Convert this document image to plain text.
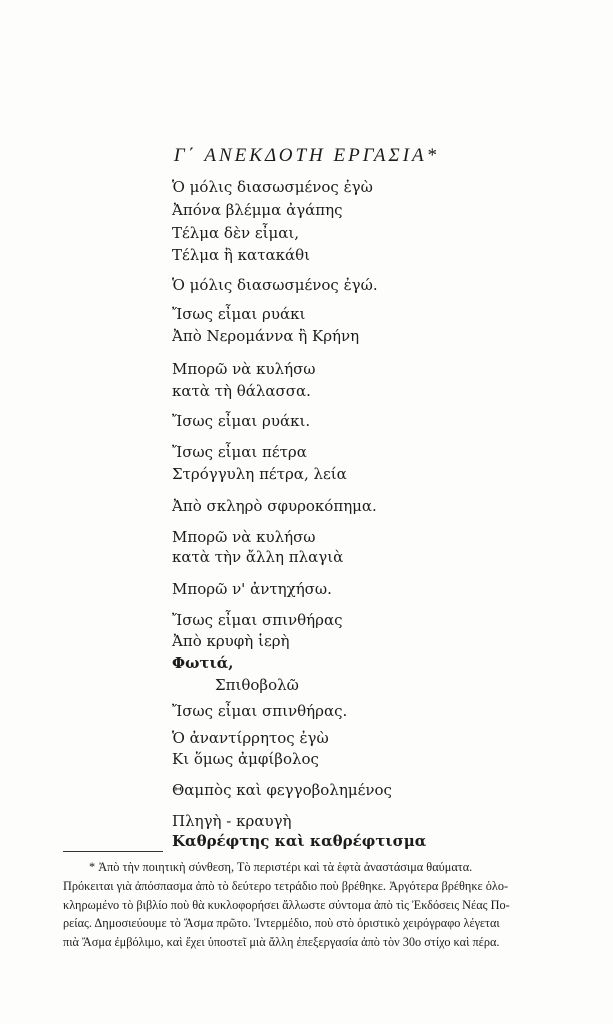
Γ΄ ΑΝΕΚΔΟΤΗ ΕΡΓΑΣΙΑ*
Ὁ μόλις διασωσμένος ἐγὼ
Ἀπόνα βλέμμα ἀγάπης
Τέλμα δὲν εἶμαι,
Τέλμα ἢ κατακάθι
Ὁ μόλις διασωσμένος ἐγώ.
Ἴσως εἶμαι ρυάκι
Ἀπὸ Νερομάννα ἢ Κρήνη
Μπορῶ νὰ κυλήσω
κατὰ τὴ θάλασσα.
Ἴσως εἶμαι ρυάκι.
Ἴσως εἶμαι πέτρα
Στρόγγυλη πέτρα, λεία
Ἀπὸ σκληρὸ σφυροκόπημα.
Μπορῶ νὰ κυλήσω
κατὰ τὴν ἄλλη πλαγιὰ
Μπορῶ ν' ἀντηχήσω.
Ἴσως εἶμαι σπινθήρας
Ἀπὸ κρυφὴ ἱερὴ
Φωτιά,
Σπιθοβολῶ
Ἴσως εἶμαι σπινθήρας.
Ὁ ἀναντίρρητος ἐγὼ
Κι ὅμως ἀμφίβολος
Θαμπὸς καὶ φεγγοβολημένος
Πληγὴ - κραυγὴ
Καθρέφτης καὶ καθρέφτισμα
* Ἀπὸ τὴν ποιητικὴ σύνθεση, Τὸ περιστέρι καὶ τὰ ἑφτὰ ἀναστάσιμα θαύματα.
Πρόκειται γιὰ ἀπόσπασμα ἀπὸ τὸ δεύτερο τετράδιο ποὺ βρέθηκε. Ἀργότερα βρέθηκε ὁλο-
κληρωμένο τὸ βιβλίο ποὺ θὰ κυκλοφορήσει ἄλλωστε σύντομα ἀπὸ τὶς Ἐκδόσεις Νέας Πο-
ρείας. Δημοσιεύουμε τὸ Ἄσμα πρῶτο. Ἰντερμέδιο, ποὺ στὸ ὁριστικὸ χειρόγραφο λέγεται
πιὰ Ἄσμα ἐμβόλιμο, καὶ ἔχει ὑποστεῖ μιὰ ἄλλη ἐπεξεργασία ἀπὸ τὸν 30ο στίχο καὶ πέρα.
